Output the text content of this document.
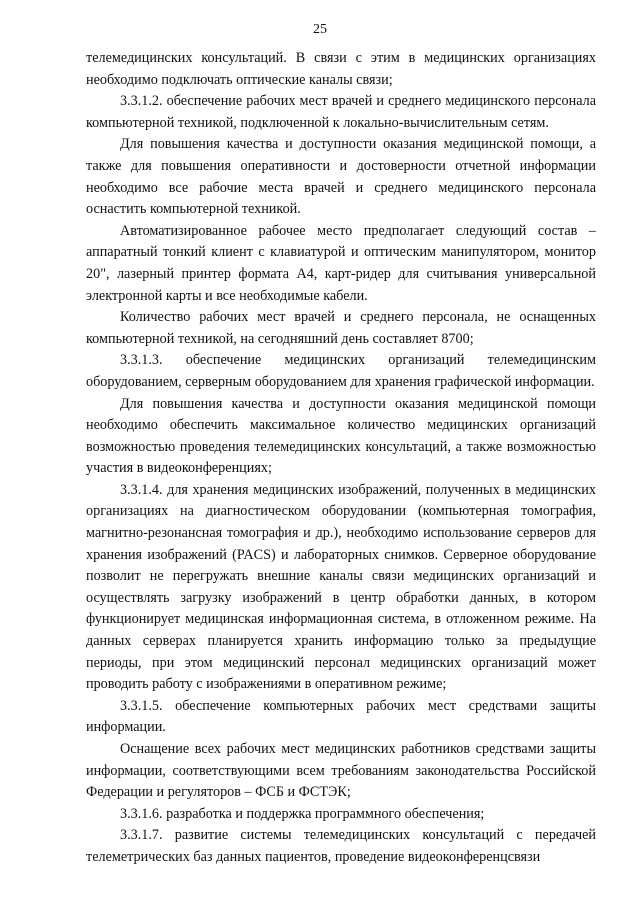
25

телемедицинских консультаций. В связи с этим в медицинских организациях необходимо подключать оптические каналы связи;

3.3.1.2. обеспечение рабочих мест врачей и среднего медицинского персонала компьютерной техникой, подключенной к локально-вычислительным сетям.

Для повышения качества и доступности оказания медицинской помощи, а также для повышения оперативности и достоверности отчетной информации необходимо все рабочие места врачей и среднего медицинского персонала оснастить компьютерной техникой.

Автоматизированное рабочее место предполагает следующий состав – аппаратный тонкий клиент с клавиатурой и оптическим манипулятором, монитор 20", лазерный принтер формата А4, карт-ридер для считывания универсальной электронной карты и все необходимые кабели.

Количество рабочих мест врачей и среднего персонала, не оснащенных компьютерной техникой, на сегодняшний день составляет 8700;

3.3.1.3. обеспечение медицинских организаций телемедицинским оборудованием, серверным оборудованием для хранения графической информации.

Для повышения качества и доступности оказания медицинской помощи необходимо обеспечить максимальное количество медицинских организаций возможностью проведения телемедицинских консультаций, а также возможностью участия в видеоконференциях;

3.3.1.4. для хранения медицинских изображений, полученных в медицинских организациях на диагностическом оборудовании (компьютерная томография, магнитно-резонансная томография и др.), необходимо использование серверов для хранения изображений (PACS) и лабораторных снимков. Серверное оборудование позволит не перегружать внешние каналы связи медицинских организаций и осуществлять загрузку изображений в центр обработки данных, в котором функционирует медицинская информационная система, в отложенном режиме. На данных серверах планируется хранить информацию только за предыдущие периоды, при этом медицинский персонал медицинских организаций может проводить работу с изображениями в оперативном режиме;

3.3.1.5. обеспечение компьютерных рабочих мест средствами защиты информации.

Оснащение всех рабочих мест медицинских работников средствами защиты информации, соответствующими всем требованиям законодательства Российской Федерации и регуляторов – ФСБ и ФСТЭК;

3.3.1.6. разработка и поддержка программного обеспечения;

3.3.1.7. развитие системы телемедицинских консультаций с передачей телеметрических баз данных пациентов, проведение видеоконференцсвязи
